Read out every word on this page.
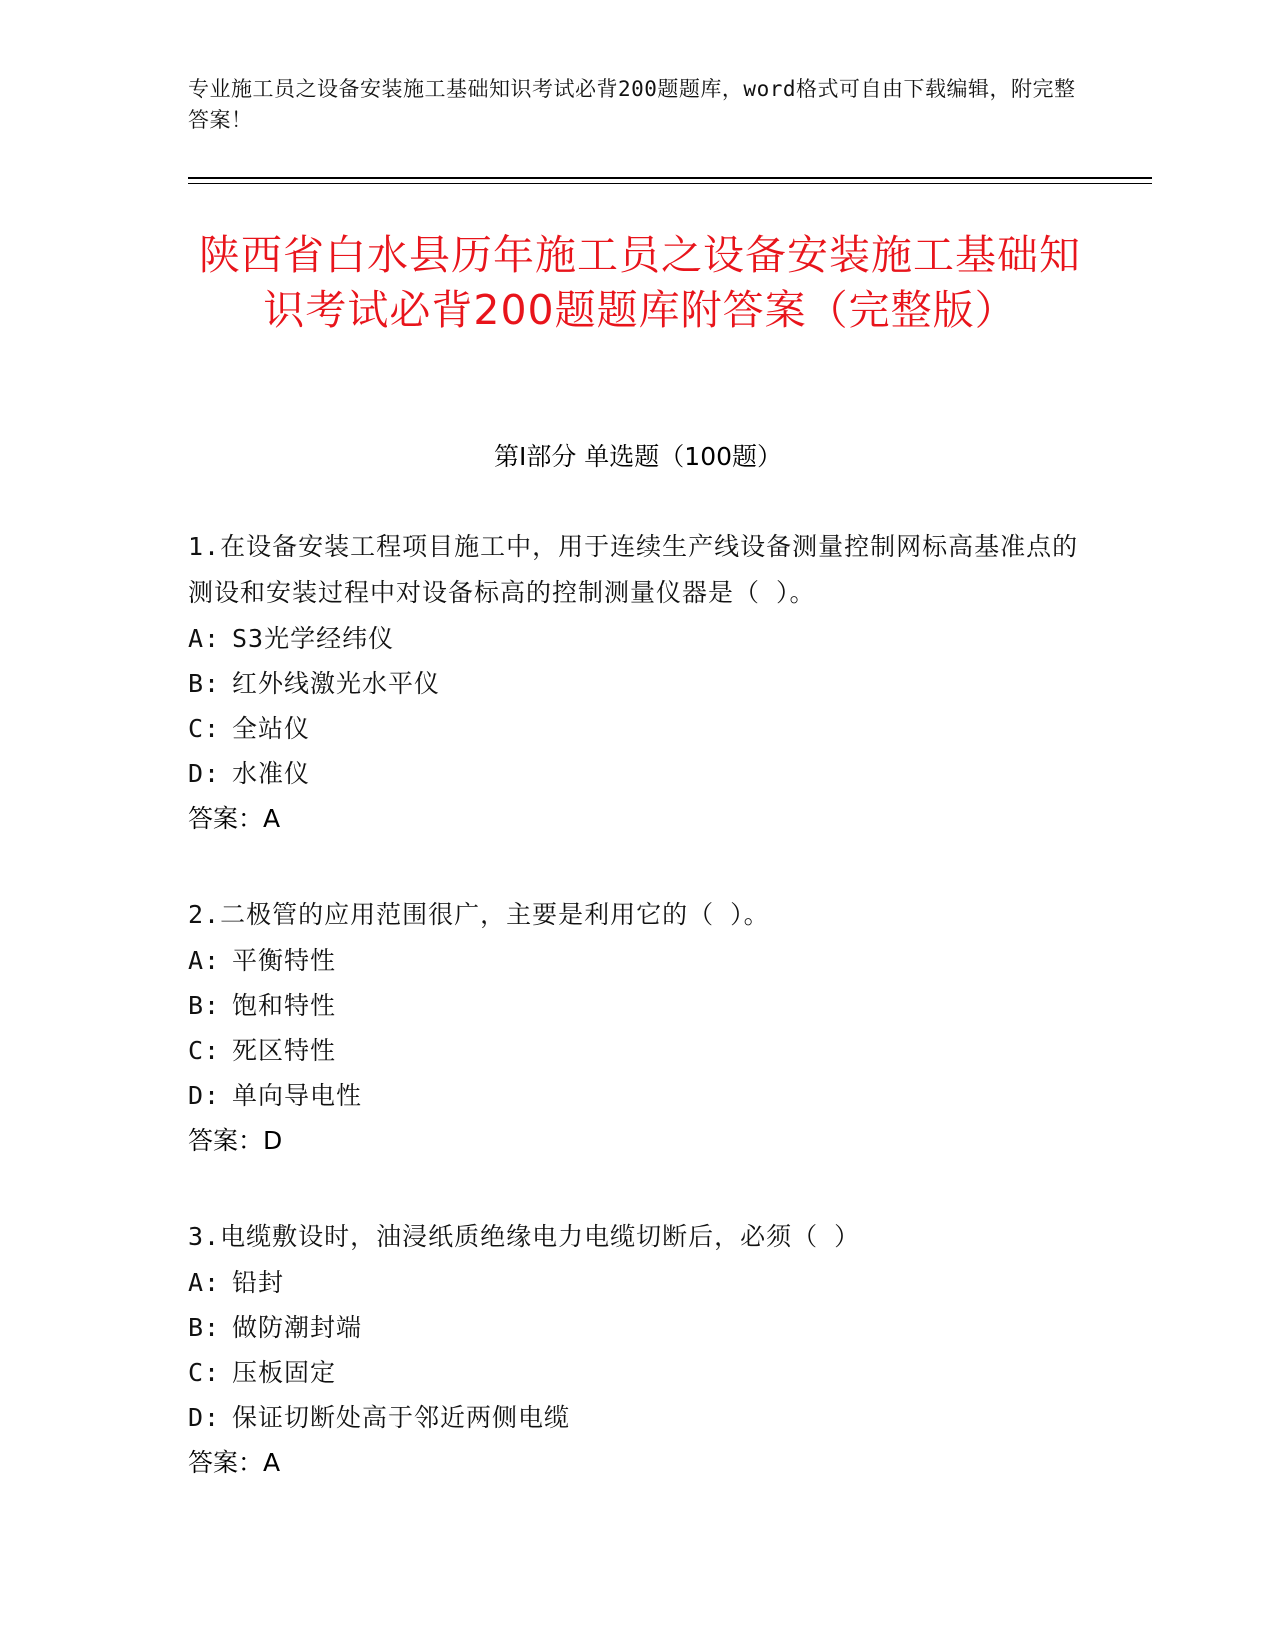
专业施工员之设备安装施工基础知识考试必背200题题库，word格式可自由下载编辑，附完整答案！
陕西省白水县历年施工员之设备安装施工基础知识考试必背200题题库附答案（完整版）
第Ⅰ部分 单选题（100题）
1.在设备安装工程项目施工中，用于连续生产线设备测量控制网标高基准点的测设和安装过程中对设备标高的控制测量仪器是（ ）。
A: S3光学经纬仪
B: 红外线激光水平仪
C: 全站仪
D: 水准仪
答案：A
2.二极管的应用范围很广，主要是利用它的（ ）。
A: 平衡特性
B: 饱和特性
C: 死区特性
D: 单向导电性
答案：D
3.电缆敷设时，油浸纸质绝缘电力电缆切断后，必须（ ）
A: 铅封
B: 做防潮封端
C: 压板固定
D: 保证切断处高于邻近两侧电缆
答案：A
